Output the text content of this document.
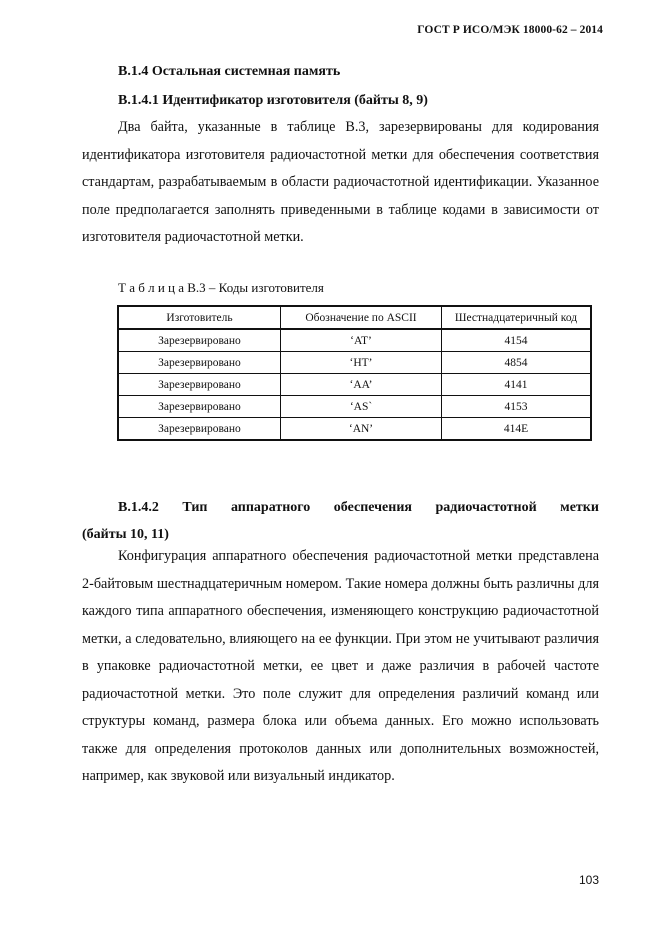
ГОСТ Р ИСО/МЭК 18000-62 – 2014
В.1.4 Остальная системная память
В.1.4.1 Идентификатор изготовителя (байты 8, 9)
Два байта, указанные в таблице В.3, зарезервированы для кодирования идентификатора изготовителя радиочастотной метки для обеспечения соответствия стандартам, разрабатываемым в области радиочастотной идентификации. Указанное поле предполагается заполнять приведенными в таблице кодами в зависимости от изготовителя радиочастотной метки.
Т а б л и ц а В.3 – Коды изготовителя
Изготовитель	Обозначение по ASCII	Шестнадцатеричный код
Зарезервировано	‘AT’	4154
Зарезервировано	‘HT’	4854
Зарезервировано	‘AA’	4141
Зарезервировано	‘AS`	4153
Зарезервировано	‘AN’	414E
В.1.4.2 Тип аппаратного обеспечения радиочастотной метки
(байты 10, 11)
Конфигурация аппаратного обеспечения радиочастотной метки представлена 2-байтовым шестнадцатеричным номером. Такие номера должны быть различны для каждого типа аппаратного обеспечения, изменяющего конструкцию радиочастотной метки, а следовательно, влияющего на ее функции. При этом не учитывают различия в упаковке радиочастотной метки, ее цвет и даже различия в рабочей частоте радиочастотной метки. Это поле служит для определения различий команд или структуры команд, размера блока или объема данных. Его можно использовать также для определения протоколов данных или дополнительных возможностей, например, как звуковой или визуальный индикатор.
103
